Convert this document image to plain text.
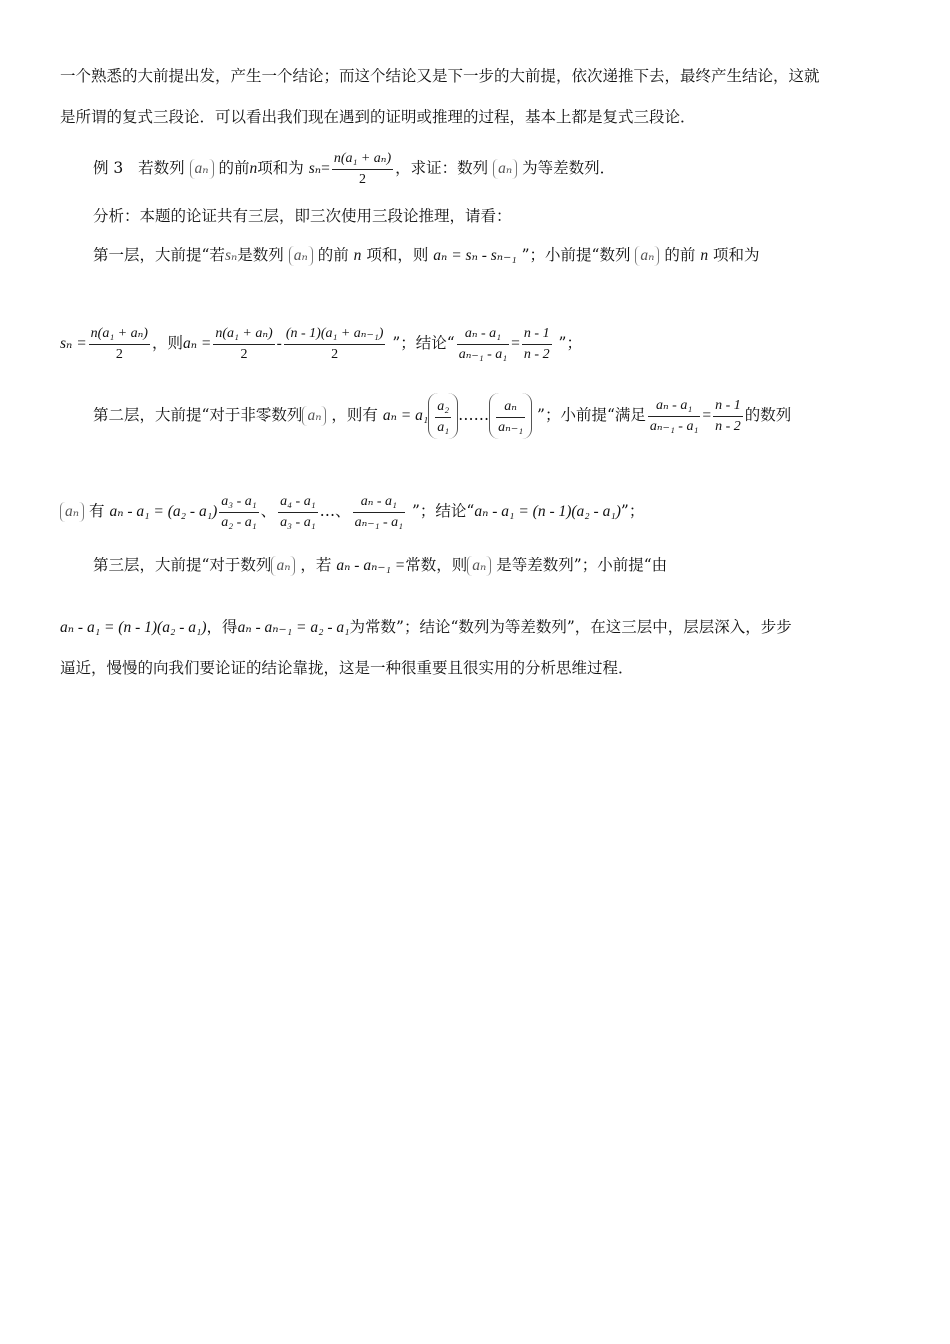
一个熟悉的大前提出发，产生一个结论；而这个结论又是下一步的大前提，依次递推下去，最终产生结论，这就
是所谓的复式三段论．可以看出我们现在遇到的证明或推理的过程，基本上都是复式三段论．
例 3 若数列 aₙ 的前n项和为 $s_n= \frac{\text{n(a₁ + aₙ)}}{2}$ ，求证：数列 aₙ 为等差数列．
分析：本题的论证共有三层，即三次使用三段论推理，请看：
第一层，大前提“若sₙ是数列 aₙ 的前 n 项和，则 aₙ = sₙ - sₙ₋₁ ”；小前提“数列 aₙ 的前 n 项和为
$s_n = \frac{\text{n(a₁ + aₙ)}}{2}$ ，则$a_n = \frac{\text{n(a₁ + aₙ)}}{2} - \frac{\text{(n - 1)(a₁ + aₙ₋₁)}}{2}$ ”；结论“ $\frac{\text{aₙ - a₁}}{\text{aₙ₋₁ - a₁}} = \frac{n - 1}{n - 2}$ ”；
第二层，大前提“对于非零数列 aₙ ，则有 $a_n = a_1 \frac{\text{a₂}}{\text{a₁}}$ …… $\frac{\text{aₙ}}{\text{aₙ₋₁}}$ ”；小前提“满足 $\frac{\text{aₙ - a₁}}{\text{aₙ₋₁ - a₁}} = \frac{n - 1}{n - 2}$ 的数列
aₙ 有 $a_n - a_1 = (a_2 - a_1) \frac{\text{a₃ - a₁}}{\text{a₂ - a₁}}$ 、 $\frac{\text{a₄ - a₁}}{\text{a₃ - a₁}}$ …、 $\frac{\text{aₙ - a₁}}{\text{aₙ₋₁ - a₁}}$ ”；结论“aₙ - a₁ = (n - 1)(a₂ - a₁)”；
第三层，大前提“对于数列 aₙ ，若 aₙ - aₙ₋₁ =常数，则 aₙ 是等差数列”；小前提“由
aₙ - a₁ = (n - 1)(a₂ - a₁)，得aₙ - aₙ₋₁ = a₂ - a₁为常数”；结论“数列为等差数列”，在这三层中，层层深入，步步
逼近，慢慢的向我们要论证的结论靠拢，这是一种很重要且很实用的分析思维过程．
